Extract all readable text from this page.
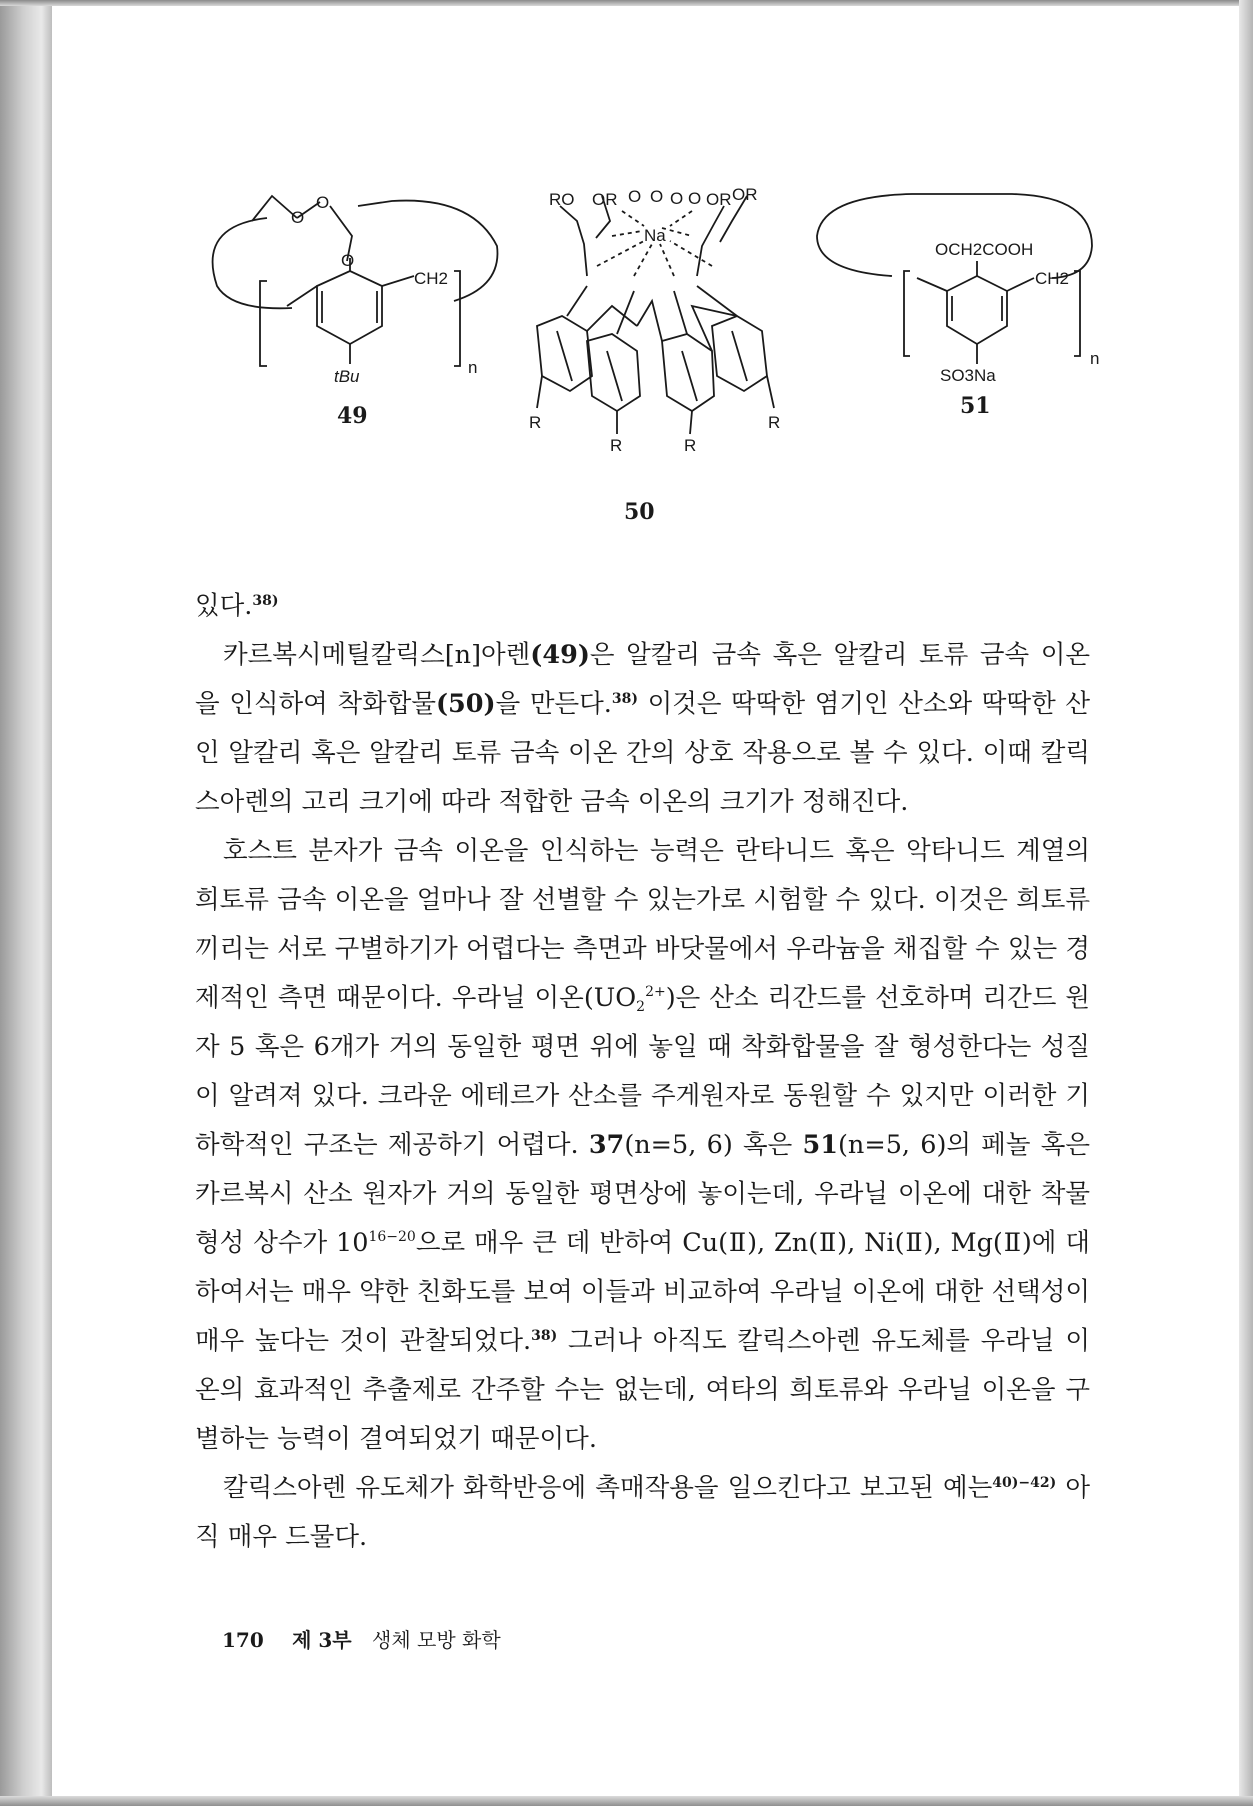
O
O
O
CH2
tBu	n
49
RO OR O O O O OR OR
Na
R
R	R
R
50
OCH2COOH
CH2
SO3Na
n
51

있다.$^{38)}$

카르복시메틸칼릭스[n]아렌(49)은 알칼리 금속 혹은 알칼리 토류 금속 이온을 인식하여 착화합물(50)을 만든다.$^{38)}$ 이것은 딱딱한 염기인 산소와 딱딱한 산인 알칼리 혹은 알칼리 토류 금속 이온 간의 상호 작용으로 볼 수 있다. 이때 칼릭스아렌의 고리 크기에 따라 적합한 금속 이온의 크기가 정해진다.

호스트 분자가 금속 이온을 인식하는 능력은 란타니드 혹은 악타니드 계열의 희토류 금속 이온을 얼마나 잘 선별할 수 있는가로 시험할 수 있다. 이것은 희토류끼리는 서로 구별하기가 어렵다는 측면과 바닷물에서 우라늄을 채집할 수 있는 경제적인 측면 때문이다. 우라닐 이온$(UO_2^{2+})$은 산소 리간드를 선호하며 리간드 원자 5 혹은 6개가 거의 동일한 평면 위에 놓일 때 착화합물을 잘 형성한다는 성질이 알려져 있다. 크라운 에테르가 산소를 주게원자로 동원할 수 있지만 이러한 기하학적인 구조는 제공하기 어렵다. 37(n=5, 6) 혹은 51(n=5, 6)의 페놀 혹은 카르복시 산소 원자가 거의 동일한 평면상에 놓이는데, 우라닐 이온에 대한 착물 형성 상수가 $10^{16-20}$으로 매우 큰 데 반하여 Cu(Ⅱ), Zn(Ⅱ), Ni(Ⅱ), Mg(Ⅱ)에 대하여서는 매우 약한 친화도를 보여 이들과 비교하여 우라닐 이온에 대한 선택성이 매우 높다는 것이 관찰되었다.$^{38)}$ 그러나 아직도 칼릭스아렌 유도체를 우라닐 이온의 효과적인 추출제로 간주할 수는 없는데, 여타의 희토류와 우라닐 이온을 구별하는 능력이 결여되었기 때문이다.

칼릭스아렌 유도체가 화학반응에 촉매작용을 일으킨다고 보고된 예는$^{40)-42)}$ 아직 매우 드물다.

170 제 3부 생체 모방 화학
